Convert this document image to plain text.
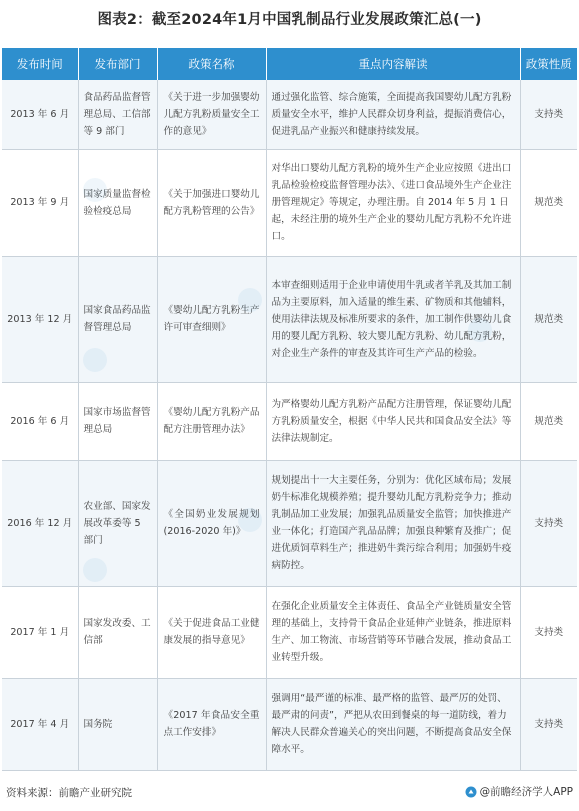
图表2：截至2024年1月中国乳制品行业发展政策汇总(一)
发布时间	发布部门	政策名称	重点内容解读	政策性质
2013 年 6 月	食品药品监督管理总局、工信部等 9 部门	《关于进一步加强婴幼儿配方乳粉质量安全工作的意见》	通过强化监管、综合施策，全面提高我国婴幼儿配方乳粉质量安全水平，维护人民群众切身利益，提振消费信心，促进乳品产业振兴和健康持续发展。	支持类
2013 年 9 月	国家质量监督检验检疫总局	《关于加强进口婴幼儿配方乳粉管理的公告》	对华出口婴幼儿配方乳粉的境外生产企业应按照《进出口乳品检验检疫监督管理办法》、《进口食品境外生产企业注册管理规定》等规定，办理注册。自 2014 年 5 月 1 日起，未经注册的境外生产企业的婴幼儿配方乳粉不允许进口。	规范类
2013 年 12 月	国家食品药品监督管理总局	《婴幼儿配方乳粉生产许可审查细则》	本审查细则适用于企业申请使用牛乳或者羊乳及其加工制品为主要原料，加入适量的维生素、矿物质和其他辅料，使用法律法规及标准所要求的条件，加工制作供婴幼儿食用的婴儿配方乳粉、较大婴儿配方乳粉、幼儿配方乳粉，对企业生产条件的审查及其许可生产产品的检验。	规范类
2016 年 6 月	国家市场监督管理总局	《婴幼儿配方乳粉产品配方注册管理办法》	为严格婴幼儿配方乳粉产品配方注册管理，保证婴幼儿配方乳粉质量安全，根据《中华人民共和国食品安全法》等法律法规制定。	规范类
2016 年 12 月	农业部、国家发展改革委等 5 部门	《全国奶业发展规划(2016-2020 年)》	规划提出十一大主要任务，分别为：优化区域布局；发展奶牛标准化规模养殖；提升婴幼儿配方乳粉竞争力；推动乳制品加工业发展；加强乳品质量安全监管；加快推进产业一体化；打造国产乳品品牌；加强良种繁育及推广；促进优质饲草料生产；推进奶牛粪污综合利用；加强奶牛疫病防控。	支持类
2017 年 1 月	国家发改委、工信部	《关于促进食品工业健康发展的指导意见》	在强化企业质量安全主体责任、食品全产业链质量安全管理的基础上，支持骨干食品企业延伸产业链条，推进原料生产、加工物流、市场营销等环节融合发展，推动食品工业转型升级。	支持类
2017 年 4 月	国务院	《2017 年食品安全重点工作安排》	强调用“最严谨的标准、最严格的监管、最严厉的处罚、最严肃的问责”，严把从农田到餐桌的每一道防线，着力解决人民群众普遍关心的突出问题，不断提高食品安全保障水平。	支持类
资料来源：前瞻产业研究院	@前瞻经济学人APP
